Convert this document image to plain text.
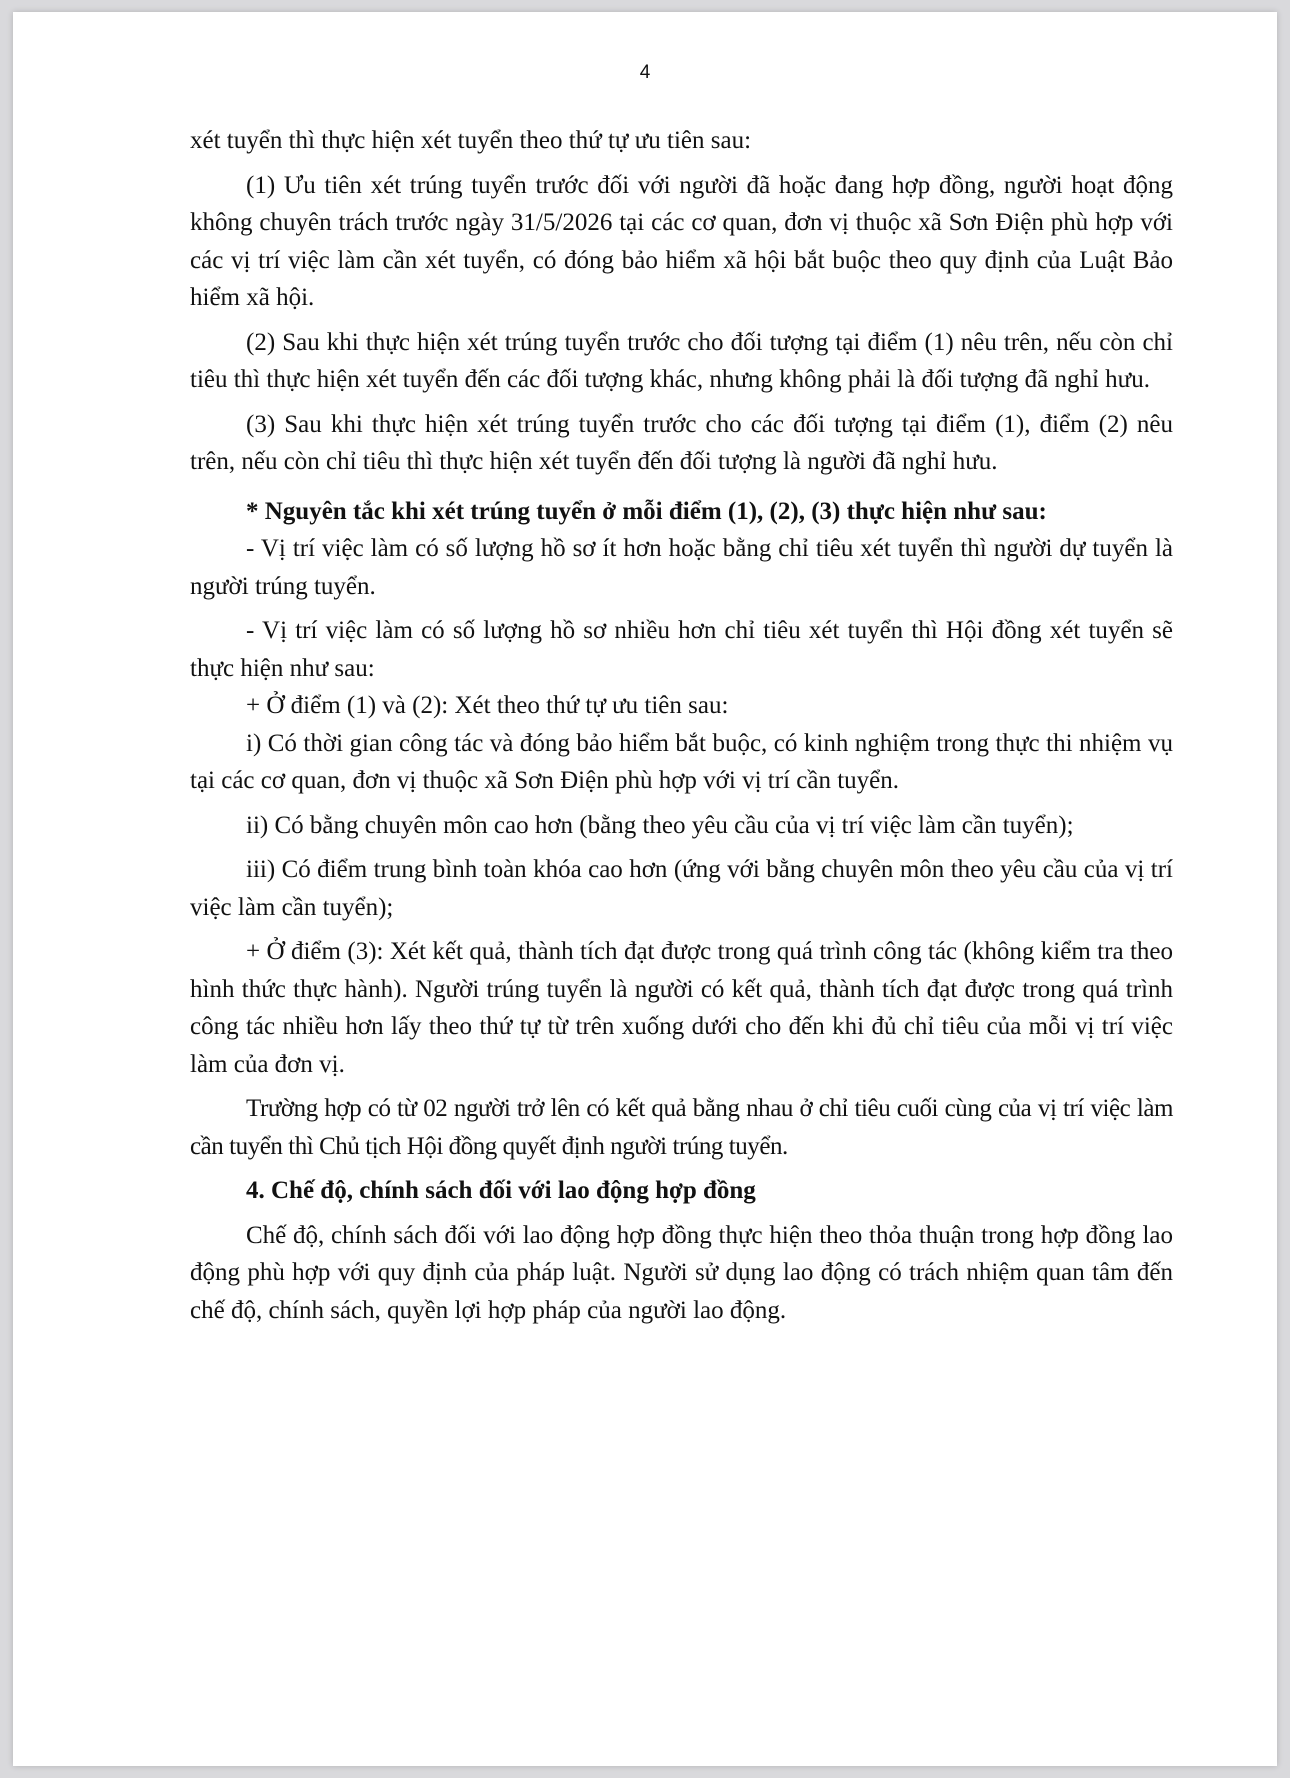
4

xét tuyển thì thực hiện xét tuyển theo thứ tự ưu tiên sau:

(1) Ưu tiên xét trúng tuyển trước đối với người đã hoặc đang hợp đồng, người hoạt động không chuyên trách trước ngày 31/5/2026 tại các cơ quan, đơn vị thuộc xã Sơn Điện phù hợp với các vị trí việc làm cần xét tuyển, có đóng bảo hiểm xã hội bắt buộc theo quy định của Luật Bảo hiểm xã hội.

(2) Sau khi thực hiện xét trúng tuyển trước cho đối tượng tại điểm (1) nêu trên, nếu còn chỉ tiêu thì thực hiện xét tuyển đến các đối tượng khác, nhưng không phải là đối tượng đã nghỉ hưu.

(3) Sau khi thực hiện xét trúng tuyển trước cho các đối tượng tại điểm (1), điểm (2) nêu trên, nếu còn chỉ tiêu thì thực hiện xét tuyển đến đối tượng là người đã nghỉ hưu.

* Nguyên tắc khi xét trúng tuyển ở mỗi điểm (1), (2), (3) thực hiện như sau:

- Vị trí việc làm có số lượng hồ sơ ít hơn hoặc bằng chỉ tiêu xét tuyển thì người dự tuyển là người trúng tuyển.

- Vị trí việc làm có số lượng hồ sơ nhiều hơn chỉ tiêu xét tuyển thì Hội đồng xét tuyển sẽ thực hiện như sau:

+ Ở điểm (1) và (2): Xét theo thứ tự ưu tiên sau:

i) Có thời gian công tác và đóng bảo hiểm bắt buộc, có kinh nghiệm trong thực thi nhiệm vụ tại các cơ quan, đơn vị thuộc xã Sơn Điện phù hợp với vị trí cần tuyển.

ii) Có bằng chuyên môn cao hơn (bằng theo yêu cầu của vị trí việc làm cần tuyển);

iii) Có điểm trung bình toàn khóa cao hơn (ứng với bằng chuyên môn theo yêu cầu của vị trí việc làm cần tuyển);

+ Ở điểm (3): Xét kết quả, thành tích đạt được trong quá trình công tác (không kiểm tra theo hình thức thực hành). Người trúng tuyển là người có kết quả, thành tích đạt được trong quá trình công tác nhiều hơn lấy theo thứ tự từ trên xuống dưới cho đến khi đủ chỉ tiêu của mỗi vị trí việc làm của đơn vị.

Trường hợp có từ 02 người trở lên có kết quả bằng nhau ở chỉ tiêu cuối cùng của vị trí việc làm cần tuyển thì Chủ tịch Hội đồng quyết định người trúng tuyển.

4. Chế độ, chính sách đối với lao động hợp đồng

Chế độ, chính sách đối với lao động hợp đồng thực hiện theo thỏa thuận trong hợp đồng lao động phù hợp với quy định của pháp luật. Người sử dụng lao động có trách nhiệm quan tâm đến chế độ, chính sách, quyền lợi hợp pháp của người lao động.
